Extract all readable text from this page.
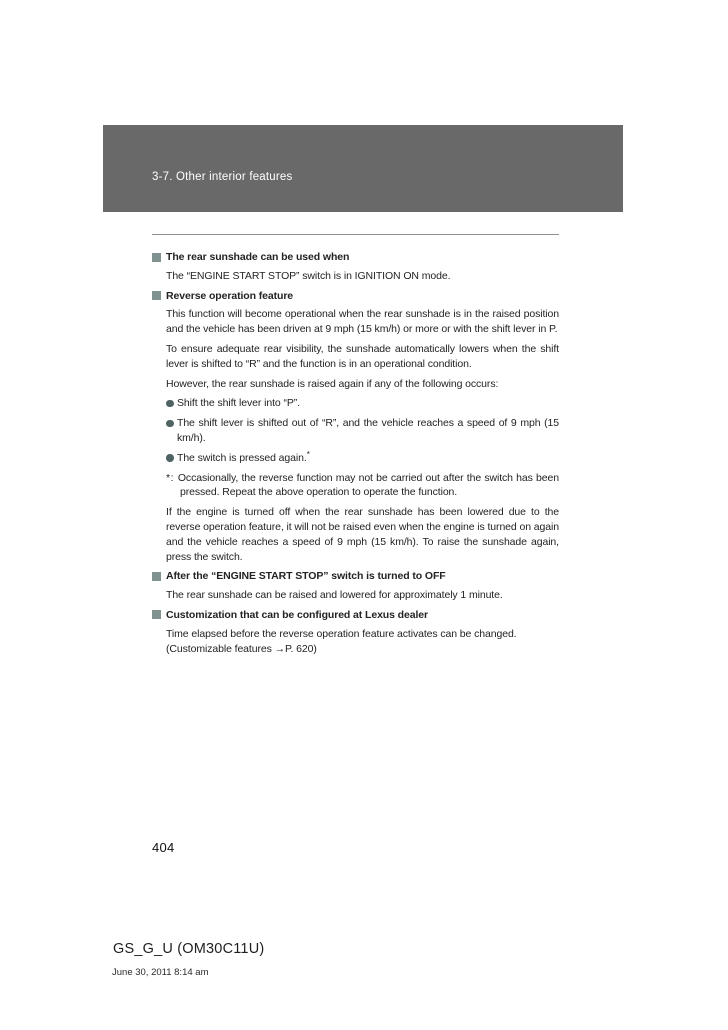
3-7. Other interior features
The rear sunshade can be used when
The “ENGINE START STOP” switch is in IGNITION ON mode.
Reverse operation feature
This function will become operational when the rear sunshade is in the raised position and the vehicle has been driven at 9 mph (15 km/h) or more or with the shift lever in P.
To ensure adequate rear visibility, the sunshade automatically lowers when the shift lever is shifted to “R” and the function is in an operational condition.
However, the rear sunshade is raised again if any of the following occurs:
Shift the shift lever into “P”.
The shift lever is shifted out of “R”, and the vehicle reaches a speed of 9 mph (15 km/h).
The switch is pressed again.*
*: Occasionally, the reverse function may not be carried out after the switch has been pressed. Repeat the above operation to operate the function.
If the engine is turned off when the rear sunshade has been lowered due to the reverse operation feature, it will not be raised even when the engine is turned on again and the vehicle reaches a speed of 9 mph (15 km/h). To raise the sunshade again, press the switch.
After the “ENGINE START STOP” switch is turned to OFF
The rear sunshade can be raised and lowered for approximately 1 minute.
Customization that can be configured at Lexus dealer
Time elapsed before the reverse operation feature activates can be changed.
(Customizable features →P. 620)
404
GS_G_U (OM30C11U)
June 30, 2011 8:14 am
